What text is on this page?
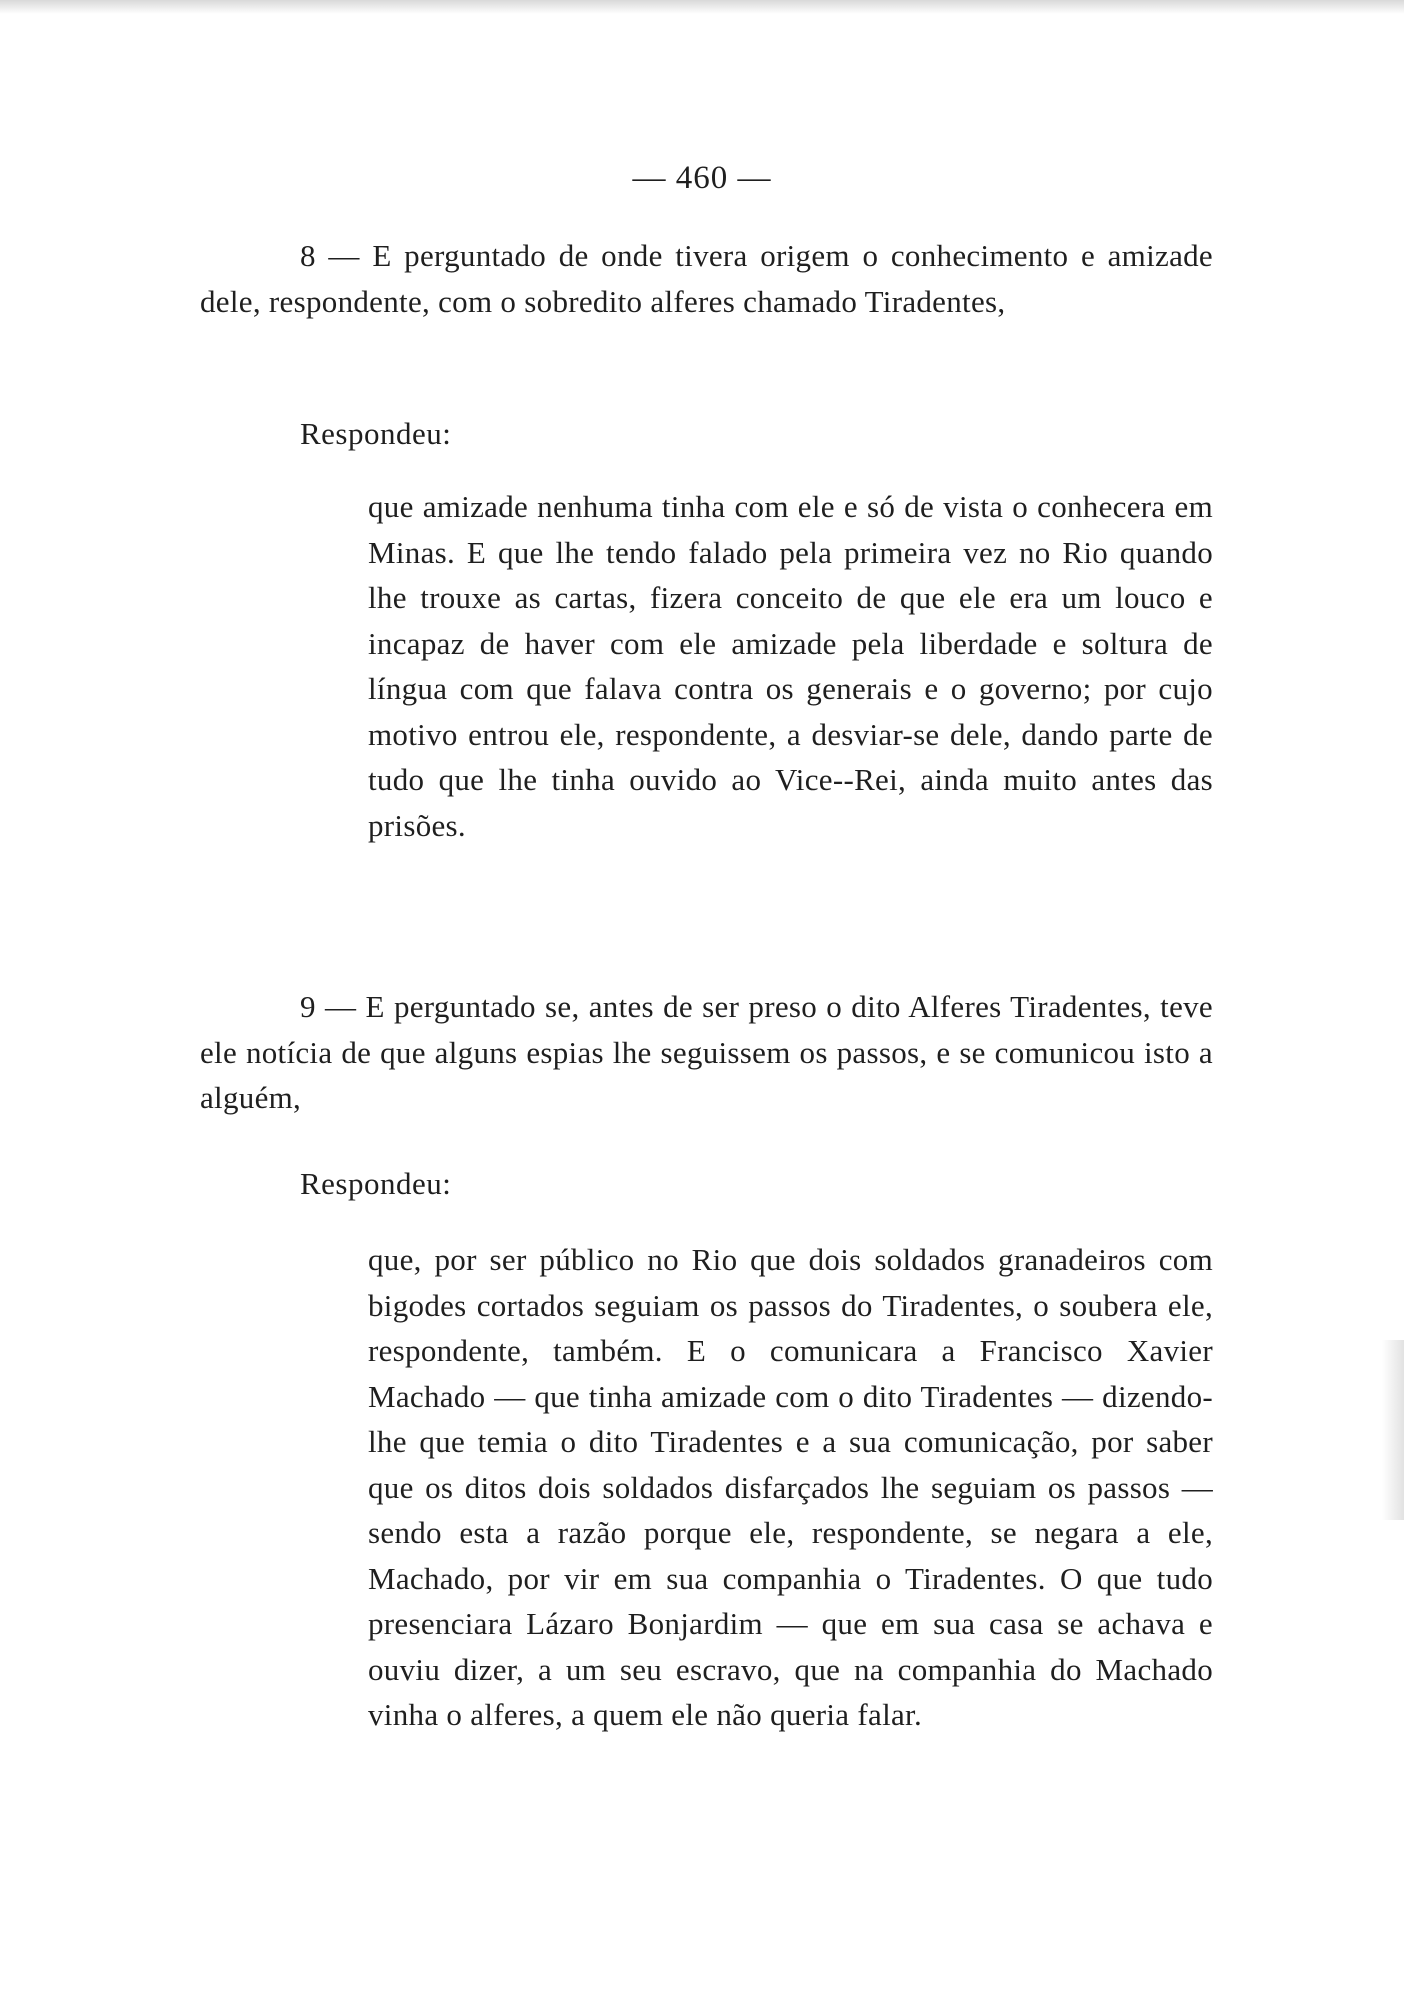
— 460 —

8 — E perguntado de onde tivera origem o conhecimento e amizade dele, respondente, com o sobredito alferes chamado Tiradentes,

Respondeu:

que amizade nenhuma tinha com ele e só de vista o conhecera em Minas. E que lhe tendo falado pela primeira vez no Rio quando lhe trouxe as cartas, fizera conceito de que ele era um louco e incapaz de haver com ele amizade pela liberdade e soltura de língua com que falava contra os generais e o governo; por cujo motivo entrou ele, respondente, a desviar-se dele, dando parte de tudo que lhe tinha ouvido ao Vice--Rei, ainda muito antes das prisões.

9 — E perguntado se, antes de ser preso o dito Alferes Tiradentes, teve ele notícia de que alguns espias lhe seguissem os passos, e se comunicou isto a alguém,

Respondeu:

que, por ser público no Rio que dois soldados granadeiros com bigodes cortados seguiam os passos do Tiradentes, o soubera ele, respondente, também. E o comunicara a Francisco Xavier Machado — que tinha amizade com o dito Tiradentes — dizendo-lhe que temia o dito Tiradentes e a sua comunicação, por saber que os ditos dois soldados disfarçados lhe seguiam os passos — sendo esta a razão porque ele, respondente, se negara a ele, Machado, por vir em sua companhia o Tiradentes. O que tudo presenciara Lázaro Bonjardim — que em sua casa se achava e ouviu dizer, a um seu escravo, que na companhia do Machado vinha o alferes, a quem ele não queria falar.
